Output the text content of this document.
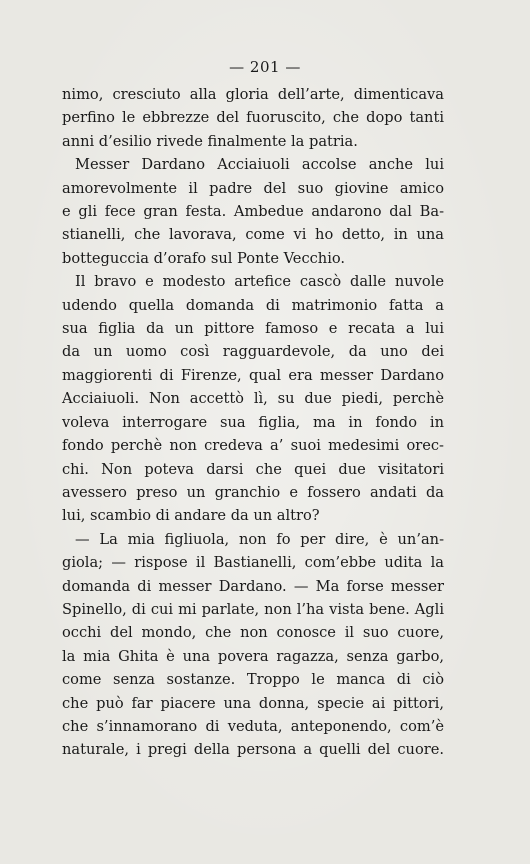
— 201 —

nimo, cresciuto alla gloria dell’arte, dimenticava

perfino le ebbrezze del fuoruscito, che dopo tanti

anni d’esilio rivede finalmente la patria.

Messer Dardano Acciaiuoli accolse anche lui

amorevolmente il padre del suo giovine amico

e gli fece gran festa. Ambedue andarono dal Ba-

stianelli, che lavorava, come vi ho detto, in una

botteguccia d’orafo sul Ponte Vecchio.

Il bravo e modesto artefice cascò dalle nuvole

udendo quella domanda di matrimonio fatta a

sua figlia da un pittore famoso e recata a lui

da un uomo così ragguardevole, da uno dei

maggiorenti di Firenze, qual era messer Dardano

Acciaiuoli. Non accettò lì, su due piedi, perchè

voleva interrogare sua figlia, ma in fondo in

fondo perchè non credeva a’ suoi medesimi orec-

chi. Non poteva darsi che quei due visitatori

avessero preso un granchio e fossero andati da

lui, scambio di andare da un altro?

— La mia figliuola, non fo per dire, è un’an-

giola; — rispose il Bastianelli, com’ebbe udita la

domanda di messer Dardano. — Ma forse messer

Spinello, di cui mi parlate, non l’ha vista bene. Agli

occhi del mondo, che non conosce il suo cuore,

la mia Ghita è una povera ragazza, senza garbo,

come senza sostanze. Troppo le manca di ciò

che può far piacere una donna, specie ai pittori,

che s’innamorano di veduta, anteponendo, com’è

naturale, i pregi della persona a quelli del cuore.
